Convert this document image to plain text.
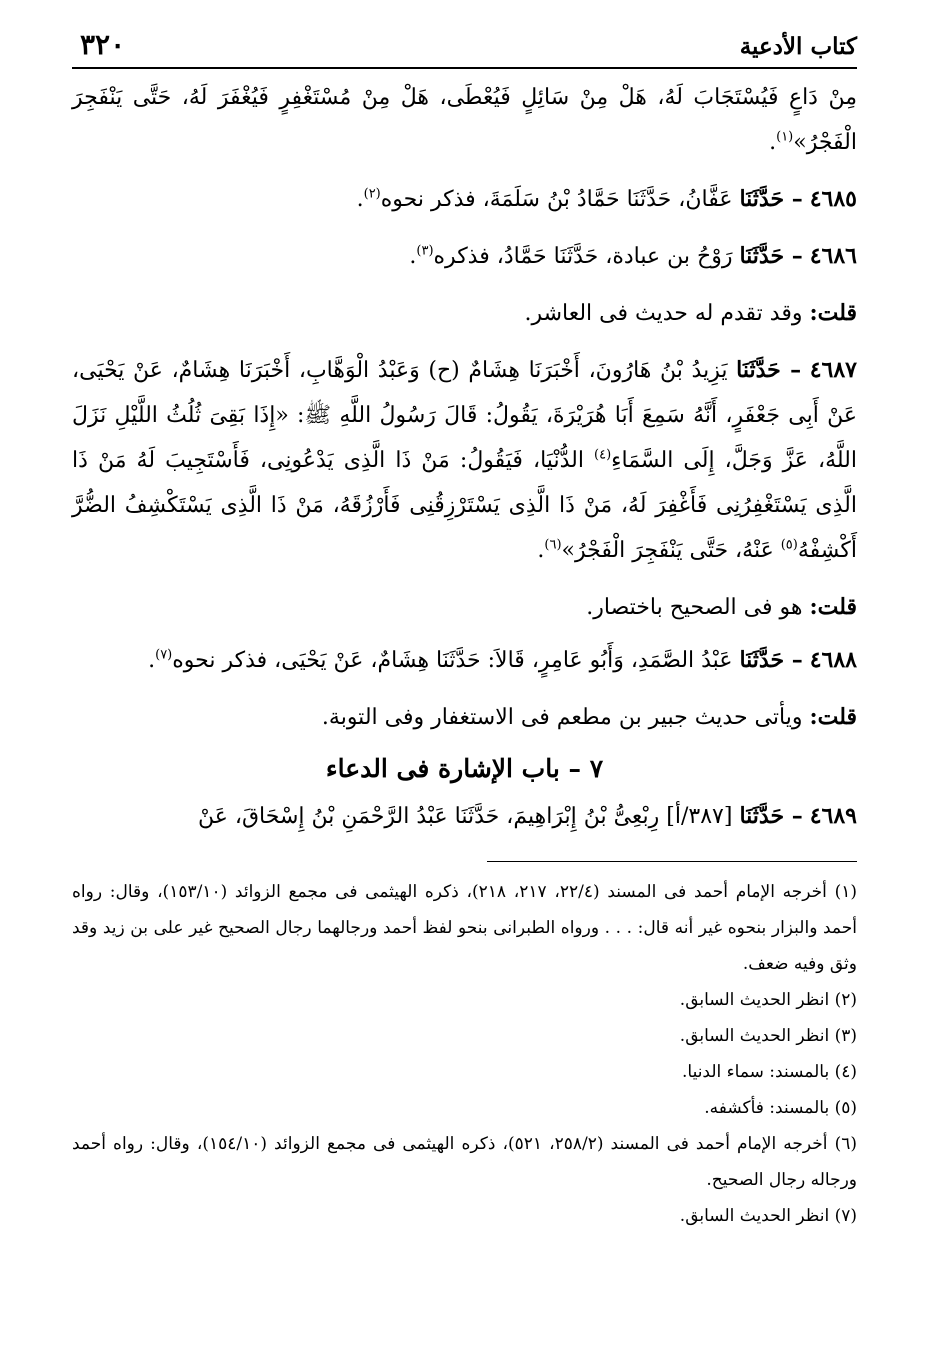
كتاب الأدعية
٣٢٠

مِنْ دَاعٍ فَيُسْتَجَابَ لَهُ، هَلْ مِنْ سَائِلٍ فَيُعْطَى، هَلْ مِنْ مُسْتَغْفِرٍ فَيُغْفَرَ لَهُ، حَتَّى يَنْفَجِرَ الْفَجْرُ»$^{(١)}$.

٤٦٨٥ – حَدَّثَنَا عَفَّانُ، حَدَّثَنَا حَمَّادُ بْنُ سَلَمَةَ، فذكر نحوه$^{(٢)}$.

٤٦٨٦ – حَدَّثَنَا رَوْحُ بن عبادة، حَدَّثَنَا حَمَّادُ، فذكره$^{(٣)}$.

قلت: وقد تقدم له حديث فى العاشر.

٤٦٨٧ – حَدَّثَنَا يَزِيدُ بْنُ هَارُونَ، أَخْبَرَنَا هِشَامٌ (ح) وَعَبْدُ الْوَهَّابِ، أَخْبَرَنَا هِشَامٌ، عَنْ يَحْيَى، عَنْ أَبِى جَعْفَرٍ، أَنَّهُ سَمِعَ أَبَا هُرَيْرَةَ، يَقُولُ: قَالَ رَسُولُ اللَّهِ ﷺ: «إِذَا بَقِىَ ثُلُثُ اللَّيْلِ نَزَلَ اللَّهُ، عَزَّ وَجَلَّ، إِلَى السَّمَاءِ$^{(٤)}$ الدُّنْيَا، فَيَقُولُ: مَنْ ذَا الَّذِى يَدْعُونِى، فَأَسْتَجِيبَ لَهُ مَنْ ذَا الَّذِى يَسْتَغْفِرُنِى فَأَغْفِرَ لَهُ، مَنْ ذَا الَّذِى يَسْتَرْزِقُنِى فَأَرْزُقَهُ، مَنْ ذَا الَّذِى يَسْتَكْشِفُ الضُّرَّ أَكْشِفْهُ$^{(٥)}$ عَنْهُ، حَتَّى يَنْفَجِرَ الْفَجْرُ»$^{(٦)}$.

قلت: هو فى الصحيح باختصار.

٤٦٨٨ – حَدَّثَنَا عَبْدُ الصَّمَدِ، وَأَبُو عَامِرٍ، قَالاَ: حَدَّثَنَا هِشَامٌ، عَنْ يَحْيَى، فذكر نحوه$^{(٧)}$.

قلت: ويأتى حديث جبير بن مطعم فى الاستغفار وفى التوبة.

٧ – باب الإشارة فى الدعاء

٤٦٨٩ – حَدَّثَنَا [٣٨٧/أ] رِبْعِىُّ بْنُ إِبْرَاهِيمَ، حَدَّثَنَا عَبْدُ الرَّحْمَنِ بْنُ إِسْحَاقَ، عَنْ

(١) أخرجه الإمام أحمد فى المسند (٢٢/٤، ٢١٧، ٢١٨)، ذكره الهيثمى فى مجمع الزوائد (١٥٣/١٠)، وقال: رواه أحمد والبزار بنحوه غير أنه قال: . . . ورواه الطبرانى بنحو لفظ أحمد ورجالهما رجال الصحيح غير على بن زيد وقد وثق وفيه ضعف.

(٢) انظر الحديث السابق.

(٣) انظر الحديث السابق.

(٤) بالمسند: سماء الدنيا.

(٥) بالمسند: فأكشفه.

(٦) أخرجه الإمام أحمد فى المسند (٢٥٨/٢، ٥٢١)، ذكره الهيثمى فى مجمع الزوائد (١٥٤/١٠)، وقال: رواه أحمد ورجاله رجال الصحيح.

(٧) انظر الحديث السابق.
